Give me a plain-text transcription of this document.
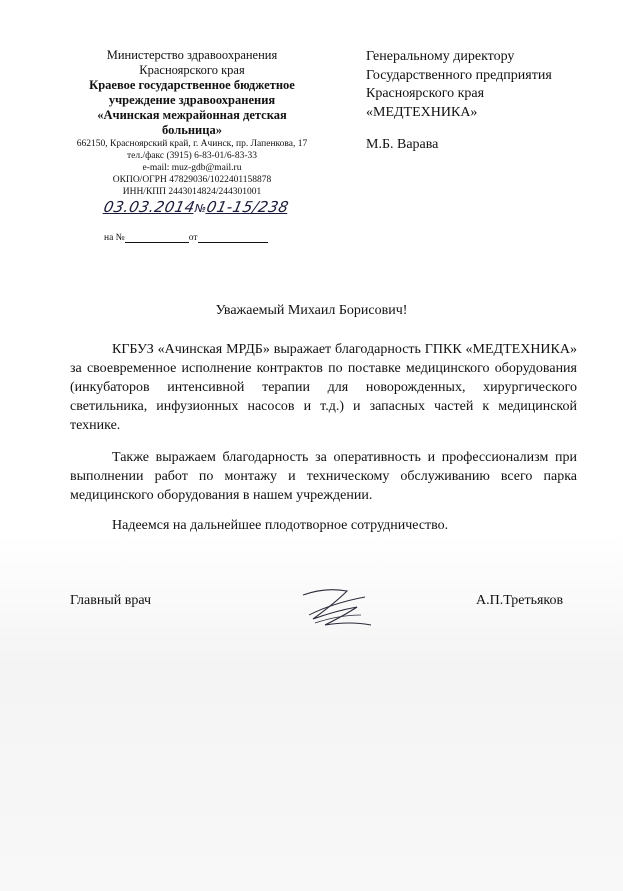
Министерство здравоохранения
Красноярского края
Краевое государственное бюджетное
учреждение здравоохранения
«Ачинская межрайонная детская
больница»
662150, Красноярский край, г. Ачинск, пр. Лапенкова, 17
тел./факс (3915) 6-83-01/6-83-33
e-mail: muz-gdb@mail.ru
ОКПО/ОГРН 47829036/1022401158878
ИНН/КПП 2443014824/244301001
03.03.2014№01-15/238
на №	от
Генеральному директору
Государственного предприятия
Красноярского края
«МЕДТЕХНИКА»
М.Б. Варава
Уважаемый Михаил Борисович!

КГБУЗ «Ачинская МРДБ» выражает благодарность ГПКК «МЕДТЕХНИКА» за своевременное исполнение контрактов по поставке медицинского оборудования (инкубаторов интенсивной терапии для новорожденных, хирургического светильника, инфузионных насосов и т.д.) и запасных частей к медицинской технике.

Также выражаем благодарность за оперативность и профессионализм при выполнении работ по монтажу и техническому обслуживанию всего парка медицинского оборудования в нашем учреждении.

Надеемся на дальнейшее плодотворное сотрудничество.

Главный врач	А.П.Третьяков
